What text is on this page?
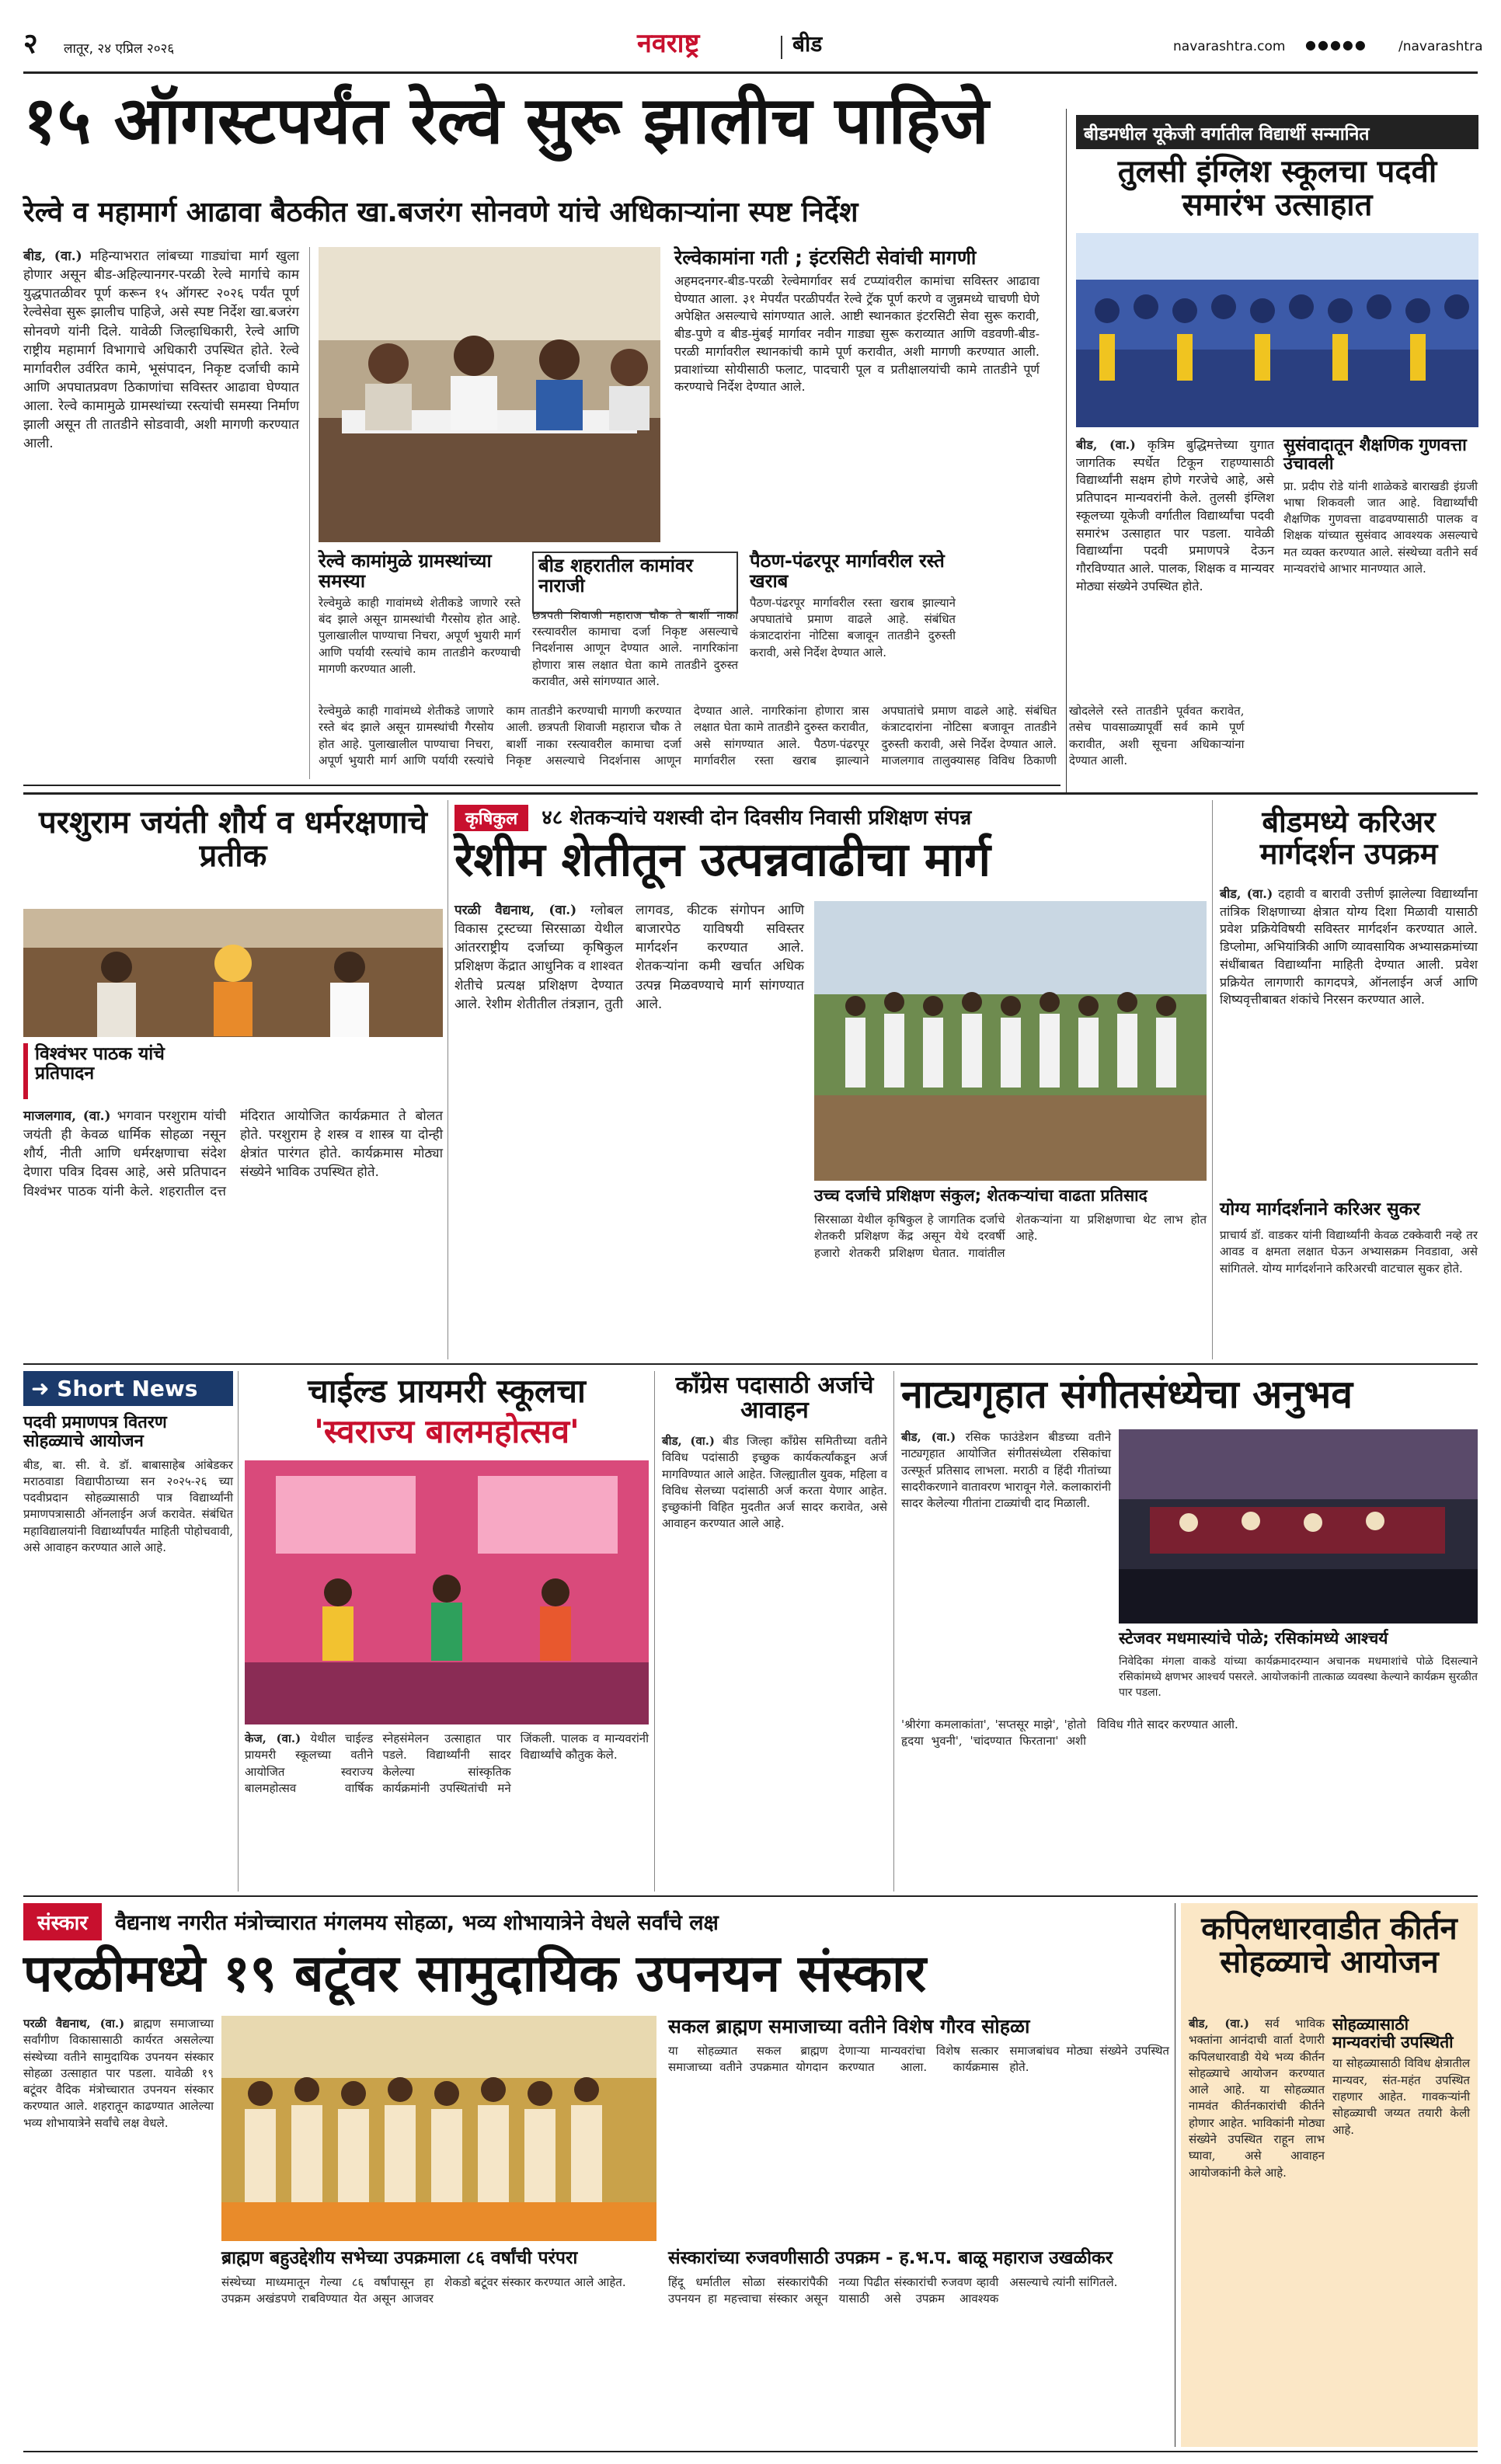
२ लातूर, २४ एप्रिल २०२६	नवराष्ट्र	बीड	navarashtra.com ●●●●● /navarashtra
१५ ऑगस्टपर्यंत रेल्वे सुरू झालीच पाहिजे
रेल्वे व महामार्ग आढावा बैठकीत खा.बजरंग सोनवणे यांचे अधिकाऱ्यांना स्पष्ट निर्देश
बीड, (वा.) महिन्याभरात लांबच्या गाड्यांचा मार्ग खुला होणार असून बीड-अहिल्यानगर-परळी रेल्वे मार्गाचे काम युद्धपातळीवर पूर्ण करून १५ ऑगस्ट २०२६ पर्यंत पूर्ण रेल्वेसेवा सुरू झालीच पाहिजे, असे स्पष्ट निर्देश खा.बजरंग सोनवणे यांनी दिले. यावेळी जिल्हाधिकारी, रेल्वे आणि राष्ट्रीय महामार्ग विभागाचे अधिकारी उपस्थित होते. रेल्वे मार्गावरील उर्वरित कामे, भूसंपादन, निकृष्ट दर्जाची कामे आणि अपघातप्रवण ठिकाणांचा सविस्तर आढावा घेण्यात आला. रेल्वे कामामुळे ग्रामस्थांच्या रस्त्यांची समस्या निर्माण झाली असून ती तातडीने सोडवावी, अशी मागणी करण्यात आली.
रेल्वेकामांना गती ; इंटरसिटी सेवांची मागणी
अहमदनगर-बीड-परळी रेल्वेमार्गावर सर्व टप्प्यांवरील कामांचा सविस्तर आढावा घेण्यात आला. ३१ मेपर्यंत परळीपर्यंत रेल्वे ट्रॅक पूर्ण करणे व जुन्नमध्ये चाचणी घेणे अपेक्षित असल्याचे सांगण्यात आले. आष्टी स्थानकात इंटरसिटी सेवा सुरू करावी, बीड-पुणे व बीड-मुंबई मार्गावर नवीन गाड्या सुरू कराव्यात आणि वडवणी-बीड-परळी मार्गावरील स्थानकांची कामे पूर्ण करावीत, अशी मागणी करण्यात आली. प्रवाशांच्या सोयीसाठी फलाट, पादचारी पूल व प्रतीक्षालयांची कामे तातडीने पूर्ण करण्याचे निर्देश देण्यात आले.
रेल्वे कामांमुळे ग्रामस्थांच्या समस्या
रेल्वेमुळे काही गावांमध्ये शेतीकडे जाणारे रस्ते बंद झाले असून ग्रामस्थांची गैरसोय होत आहे. पुलाखालील पाण्याचा निचरा, अपूर्ण भुयारी मार्ग आणि पर्यायी रस्त्यांचे काम तातडीने करण्याची मागणी करण्यात आली.
बीड शहरातील कामांवर नाराजी
छत्रपती शिवाजी महाराज चौक ते बार्शी नाका रस्त्यावरील कामाचा दर्जा निकृष्ट असल्याचे निदर्शनास आणून देण्यात आले. नागरिकांना होणारा त्रास लक्षात घेता कामे तातडीने दुरुस्त करावीत, असे सांगण्यात आले.
पैठण-पंढरपूर मार्गावरील रस्ते खराब
पैठण-पंढरपूर मार्गावरील रस्ता खराब झाल्याने अपघातांचे प्रमाण वाढले आहे. संबंधित कंत्राटदारांना नोटिसा बजावून तातडीने दुरुस्ती करावी, असे निर्देश देण्यात आले.
रेल्वेमुळे काही गावांमध्ये शेतीकडे जाणारे रस्ते बंद झाले असून ग्रामस्थांची गैरसोय होत आहे. पुलाखालील पाण्याचा निचरा, अपूर्ण भुयारी मार्ग आणि पर्यायी रस्त्यांचे काम तातडीने करण्याची मागणी करण्यात आली. छत्रपती शिवाजी महाराज चौक ते बार्शी नाका रस्त्यावरील कामाचा दर्जा निकृष्ट असल्याचे निदर्शनास आणून देण्यात आले. नागरिकांना होणारा त्रास लक्षात घेता कामे तातडीने दुरुस्त करावीत, असे सांगण्यात आले. पैठण-पंढरपूर मार्गावरील रस्ता खराब झाल्याने अपघातांचे प्रमाण वाढले आहे. संबंधित कंत्राटदारांना नोटिसा बजावून तातडीने दुरुस्ती करावी, असे निर्देश देण्यात आले. माजलगाव तालुक्यासह विविध ठिकाणी खोदलेले रस्ते तातडीने पूर्ववत करावेत, तसेच पावसाळ्यापूर्वी सर्व कामे पूर्ण करावीत, अशी सूचना अधिकाऱ्यांना देण्यात आली.
बीडमधील यूकेजी वर्गातील विद्यार्थी सन्मानित
तुलसी इंग्लिश स्कूलचा पदवी समारंभ उत्साहात
बीड, (वा.) कृत्रिम बुद्धिमत्तेच्या युगात जागतिक स्पर्धेत टिकून राहण्यासाठी विद्यार्थ्यांनी सक्षम होणे गरजेचे आहे, असे प्रतिपादन मान्यवरांनी केले. तुलसी इंग्लिश स्कूलच्या यूकेजी वर्गातील विद्यार्थ्यांचा पदवी समारंभ उत्साहात पार पडला. यावेळी विद्यार्थ्यांना पदवी प्रमाणपत्रे देऊन गौरविण्यात आले. पालक, शिक्षक व मान्यवर मोठ्या संख्येने उपस्थित होते.
सुसंवादातून शैक्षणिक गुणवत्ता उंचावली
प्रा. प्रदीप रोडे यांनी शाळेकडे बाराखडी इंग्रजी भाषा शिकवली जात आहे. विद्यार्थ्यांची शैक्षणिक गुणवत्ता वाढवण्यासाठी पालक व शिक्षक यांच्यात सुसंवाद आवश्यक असल्याचे मत व्यक्त करण्यात आले. संस्थेच्या वतीने सर्व मान्यवरांचे आभार मानण्यात आले.
परशुराम जयंती शौर्य व धर्मरक्षणाचे प्रतीक
विश्वंभर पाठक यांचे प्रतिपादन
माजलगाव, (वा.) भगवान परशुराम यांची जयंती ही केवळ धार्मिक सोहळा नसून शौर्य, नीती आणि धर्मरक्षणाचा संदेश देणारा पवित्र दिवस आहे, असे प्रतिपादन विश्वंभर पाठक यांनी केले. शहरातील दत्त मंदिरात आयोजित कार्यक्रमात ते बोलत होते. परशुराम हे शस्त्र व शास्त्र या दोन्ही क्षेत्रांत पारंगत होते. कार्यक्रमास मोठ्या संख्येने भाविक उपस्थित होते.
कृषिकुल ४८ शेतकऱ्यांचे यशस्वी दोन दिवसीय निवासी प्रशिक्षण संपन्न
रेशीम शेतीतून उत्पन्नवाढीचा मार्ग
परळी वैद्यनाथ, (वा.) ग्लोबल विकास ट्रस्टच्या सिरसाळा येथील आंतरराष्ट्रीय दर्जाच्या कृषिकुल प्रशिक्षण केंद्रात आधुनिक व शाश्वत शेतीचे प्रत्यक्ष प्रशिक्षण देण्यात आले. रेशीम शेतीतील तंत्रज्ञान, तुती लागवड, कीटक संगोपन आणि बाजारपेठ याविषयी सविस्तर मार्गदर्शन करण्यात आले. शेतकऱ्यांना कमी खर्चात अधिक उत्पन्न मिळवण्याचे मार्ग सांगण्यात आले.
उच्च दर्जाचे प्रशिक्षण संकुल; शेतकऱ्यांचा वाढता प्रतिसाद
सिरसाळा येथील कृषिकुल हे जागतिक दर्जाचे शेतकरी प्रशिक्षण केंद्र असून येथे दरवर्षी हजारो शेतकरी प्रशिक्षण घेतात. गावांतील शेतकऱ्यांना या प्रशिक्षणाचा थेट लाभ होत आहे.
बीडमध्ये करिअर मार्गदर्शन उपक्रम
बीड, (वा.) दहावी व बारावी उत्तीर्ण झालेल्या विद्यार्थ्यांना तांत्रिक शिक्षणाच्या क्षेत्रात योग्य दिशा मिळावी यासाठी प्रवेश प्रक्रियेविषयी सविस्तर मार्गदर्शन करण्यात आले. डिप्लोमा, अभियांत्रिकी आणि व्यावसायिक अभ्यासक्रमांच्या संधींबाबत विद्यार्थ्यांना माहिती देण्यात आली. प्रवेश प्रक्रियेत लागणारी कागदपत्रे, ऑनलाईन अर्ज आणि शिष्यवृत्तीबाबत शंकांचे निरसन करण्यात आले.
योग्य मार्गदर्शनाने करिअर सुकर
प्राचार्य डॉ. वाडकर यांनी विद्यार्थ्यांनी केवळ टक्केवारी नव्हे तर आवड व क्षमता लक्षात घेऊन अभ्यासक्रम निवडावा, असे सांगितले. योग्य मार्गदर्शनाने करिअरची वाटचाल सुकर होते.
➜ Short News
पदवी प्रमाणपत्र वितरण सोहळ्याचे आयोजन
बीड, बा. सी. वे. डॉ. बाबासाहेब आंबेडकर मराठवाडा विद्यापीठाच्या सन २०२५-२६ च्या पदवीप्रदान सोहळ्यासाठी पात्र विद्यार्थ्यांनी प्रमाणपत्रासाठी ऑनलाईन अर्ज करावेत. संबंधित महाविद्यालयांनी विद्यार्थ्यांपर्यंत माहिती पोहोचवावी, असे आवाहन करण्यात आले आहे.
चाईल्ड प्रायमरी स्कूलचा
'स्वराज्य बालमहोत्सव'
केज, (वा.) येथील चाईल्ड प्रायमरी स्कूलच्या वतीने आयोजित स्वराज्य बालमहोत्सव वार्षिक स्नेहसंमेलन उत्साहात पार पडले. विद्यार्थ्यांनी सादर केलेल्या सांस्कृतिक कार्यक्रमांनी उपस्थितांची मने जिंकली. पालक व मान्यवरांनी विद्यार्थ्यांचे कौतुक केले.
काँग्रेस पदासाठी अर्जाचे आवाहन
बीड, (वा.) बीड जिल्हा काँग्रेस समितीच्या वतीने विविध पदांसाठी इच्छुक कार्यकर्त्यांकडून अर्ज मागविण्यात आले आहेत. जिल्ह्यातील युवक, महिला व विविध सेलच्या पदांसाठी अर्ज करता येणार आहेत. इच्छुकांनी विहित मुदतीत अर्ज सादर करावेत, असे आवाहन करण्यात आले आहे.
नाट्यगृहात संगीतसंध्येचा अनुभव
बीड, (वा.) रसिक फाउंडेशन बीडच्या वतीने नाट्यगृहात आयोजित संगीतसंध्येला रसिकांचा उत्स्फूर्त प्रतिसाद लाभला. मराठी व हिंदी गीतांच्या सादरीकरणाने वातावरण भारावून गेले. कलाकारांनी सादर केलेल्या गीतांना टाळ्यांची दाद मिळाली.
स्टेजवर मधमास्यांचे पोळे; रसिकांमध्ये आश्चर्य
निवेदिका मंगला वाकडे यांच्या कार्यक्रमादरम्यान अचानक मधमाशांचे पोळे दिसल्याने रसिकांमध्ये क्षणभर आश्चर्य पसरले. आयोजकांनी तात्काळ व्यवस्था केल्याने कार्यक्रम सुरळीत पार पडला.
'श्रीरंगा कमलाकांता', 'सप्तसूर माझे', 'होतो हृदया भुवनी', 'चांदण्यात फिरताना' अशी विविध गीते सादर करण्यात आली.
संस्कार वैद्यनाथ नगरीत मंत्रोच्चारात मंगलमय सोहळा, भव्य शोभायात्रेने वेधले सर्वांचे लक्ष
परळीमध्ये १९ बटूंवर सामुदायिक उपनयन संस्कार
परळी वैद्यनाथ, (वा.) ब्राह्मण समाजाच्या सर्वांगीण विकासासाठी कार्यरत असलेल्या संस्थेच्या वतीने सामुदायिक उपनयन संस्कार सोहळा उत्साहात पार पडला. यावेळी १९ बटूंवर वैदिक मंत्रोच्चारात उपनयन संस्कार करण्यात आले. शहरातून काढण्यात आलेल्या भव्य शोभायात्रेने सर्वांचे लक्ष वेधले.
सकल ब्राह्मण समाजाच्या वतीने विशेष गौरव सोहळा
या सोहळ्यात सकल ब्राह्मण समाजाच्या वतीने उपक्रमात योगदान देणाऱ्या मान्यवरांचा विशेष सत्कार करण्यात आला. कार्यक्रमास समाजबांधव मोठ्या संख्येने उपस्थित होते.
ब्राह्मण बहुउद्देशीय सभेच्या उपक्रमाला ८६ वर्षांची परंपरा
संस्थेच्या माध्यमातून गेल्या ८६ वर्षांपासून हा उपक्रम अखंडपणे राबविण्यात येत असून आजवर शेकडो बटूंवर संस्कार करण्यात आले आहेत.
संस्कारांच्या रुजवणीसाठी उपक्रम - ह.भ.प. बाळू महाराज उखळीकर
हिंदू धर्मातील सोळा संस्कारांपैकी उपनयन हा महत्त्वाचा संस्कार असून नव्या पिढीत संस्कारांची रुजवण व्हावी यासाठी असे उपक्रम आवश्यक असल्याचे त्यांनी सांगितले.
कपिलधारवाडीत कीर्तन सोहळ्याचे आयोजन
बीड, (वा.) सर्व भाविक भक्तांना आनंदाची वार्ता देणारी कपिलधारवाडी येथे भव्य कीर्तन सोहळ्याचे आयोजन करण्यात आले आहे. या सोहळ्यात नामवंत कीर्तनकारांची कीर्तने होणार आहेत. भाविकांनी मोठ्या संख्येने उपस्थित राहून लाभ घ्यावा, असे आवाहन आयोजकांनी केले आहे.
सोहळ्यासाठी मान्यवरांची उपस्थिती
या सोहळ्यासाठी विविध क्षेत्रातील मान्यवर, संत-महंत उपस्थित राहणार आहेत. गावकऱ्यांनी सोहळ्याची जय्यत तयारी केली आहे.
